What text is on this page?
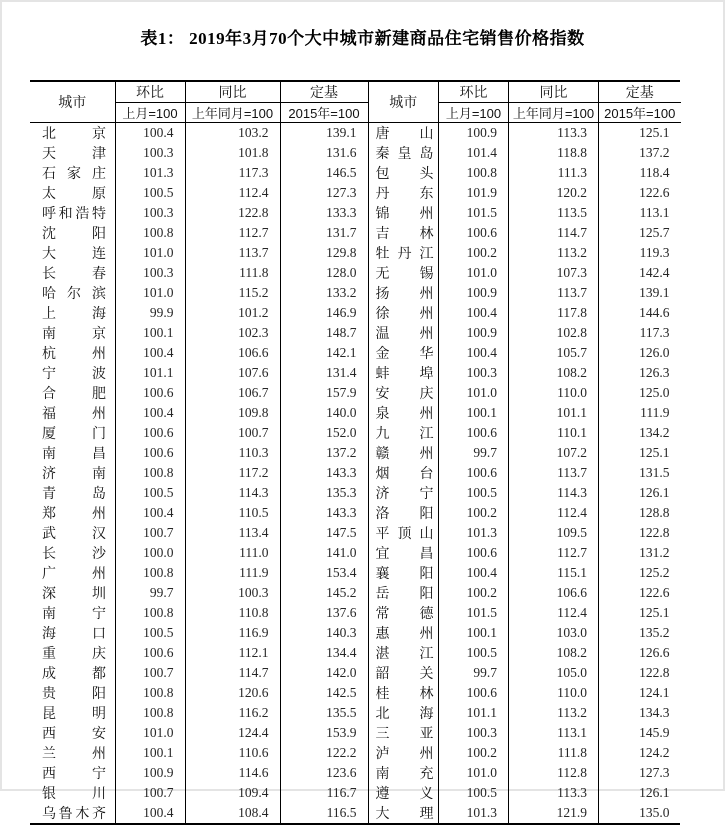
表1： 2019年3月70个大中城市新建商品住宅销售价格指数
城市	环比	同比	定基
	上月=100	上年同月=100	2015年=100
北京	100.4	103.2	139.1
天津	100.3	101.8	131.6
石家庄	101.3	117.3	146.5
太原	100.5	112.4	127.3
呼和浩特	100.3	122.8	133.3
沈阳	100.8	112.7	131.7
大连	101.0	113.7	129.8
长春	100.3	111.8	128.0
哈尔滨	101.0	115.2	133.2
上海	99.9	101.2	146.9
南京	100.1	102.3	148.7
杭州	100.4	106.6	142.1
宁波	101.1	107.6	131.4
合肥	100.6	106.7	157.9
福州	100.4	109.8	140.0
厦门	100.6	100.7	152.0
南昌	100.6	110.3	137.2
济南	100.8	117.2	143.3
青岛	100.5	114.3	135.3
郑州	100.4	110.5	143.3
武汉	100.7	113.4	147.5
长沙	100.0	111.0	141.0
广州	100.8	111.9	153.4
深圳	99.7	100.3	145.2
南宁	100.8	110.8	137.6
海口	100.5	116.9	140.3
重庆	100.6	112.1	134.4
成都	100.7	114.7	142.0
贵阳	100.8	120.6	142.5
昆明	100.8	116.2	135.5
西安	101.0	124.4	153.9
兰州	100.1	110.6	122.2
西宁	100.9	114.6	123.6
银川	100.7	109.4	116.7
乌鲁木齐	100.4	108.4	116.5
城市	环比	同比	定基
	上月=100	上年同月=100	2015年=100
唐山	100.9	113.3	125.1
秦皇岛	101.4	118.8	137.2
包头	100.8	111.3	118.4
丹东	101.9	120.2	122.6
锦州	101.5	113.5	113.1
吉林	100.6	114.7	125.7
牡丹江	100.2	113.2	119.3
无锡	101.0	107.3	142.4
扬州	100.9	113.7	139.1
徐州	100.4	117.8	144.6
温州	100.9	102.8	117.3
金华	100.4	105.7	126.0
蚌埠	100.3	108.2	126.3
安庆	101.0	110.0	125.0
泉州	100.1	101.1	111.9
九江	100.6	110.1	134.2
赣州	99.7	107.2	125.1
烟台	100.6	113.7	131.5
济宁	100.5	114.3	126.1
洛阳	100.2	112.4	128.8
平顶山	101.3	109.5	122.8
宜昌	100.6	112.7	131.2
襄阳	100.4	115.1	125.2
岳阳	100.2	106.6	122.6
常德	101.5	112.4	125.1
惠州	100.1	103.0	135.2
湛江	100.5	108.2	126.6
韶关	99.7	105.0	122.8
桂林	100.6	110.0	124.1
北海	101.1	113.2	134.3
三亚	100.3	113.1	145.9
泸州	100.2	111.8	124.2
南充	101.0	112.8	127.3
遵义	100.5	113.3	126.1
大理	101.3	121.9	135.0
